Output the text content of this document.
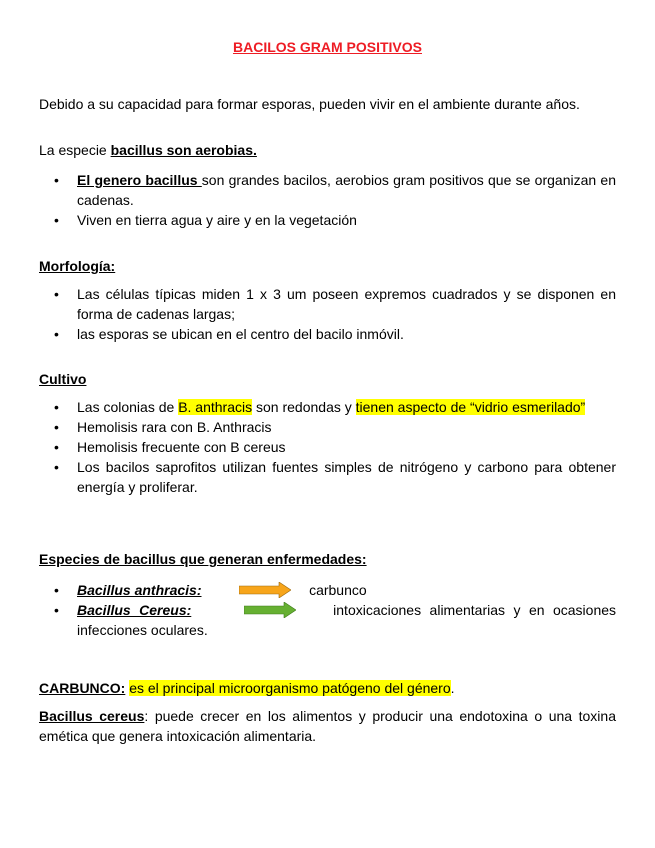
BACILOS GRAM POSITIVOS
Debido a su capacidad para formar esporas, pueden vivir en el ambiente durante años.
La especie bacillus son aerobias.
• El genero bacillus son grandes bacilos, aerobios gram positivos que se organizan en cadenas.
• Viven en tierra agua y aire y en la vegetación
Morfología:
• Las células típicas miden 1 x 3 um poseen expremos cuadrados y se disponen en forma de cadenas largas;
• las esporas se ubican en el centro del bacilo inmóvil.
Cultivo
• Las colonias de B. anthracis son redondas y tienen aspecto de “vidrio esmerilado”
• Hemolisis rara con B. Anthracis
• Hemolisis frecuente con B cereus
• Los bacilos saprofitos utilizan fuentes simples de nitrógeno y carbono para obtener energía y proliferar.
Especies de bacillus que generan enfermedades:
• Bacillus anthracis:	carbunco
• Bacillus Cereus:	intoxicaciones alimentarias y en ocasiones infecciones oculares.
CARBUNCO: es el principal microorganismo patógeno del género.
Bacillus cereus: puede crecer en los alimentos y producir una endotoxina o una toxina emética que genera intoxicación alimentaria.
